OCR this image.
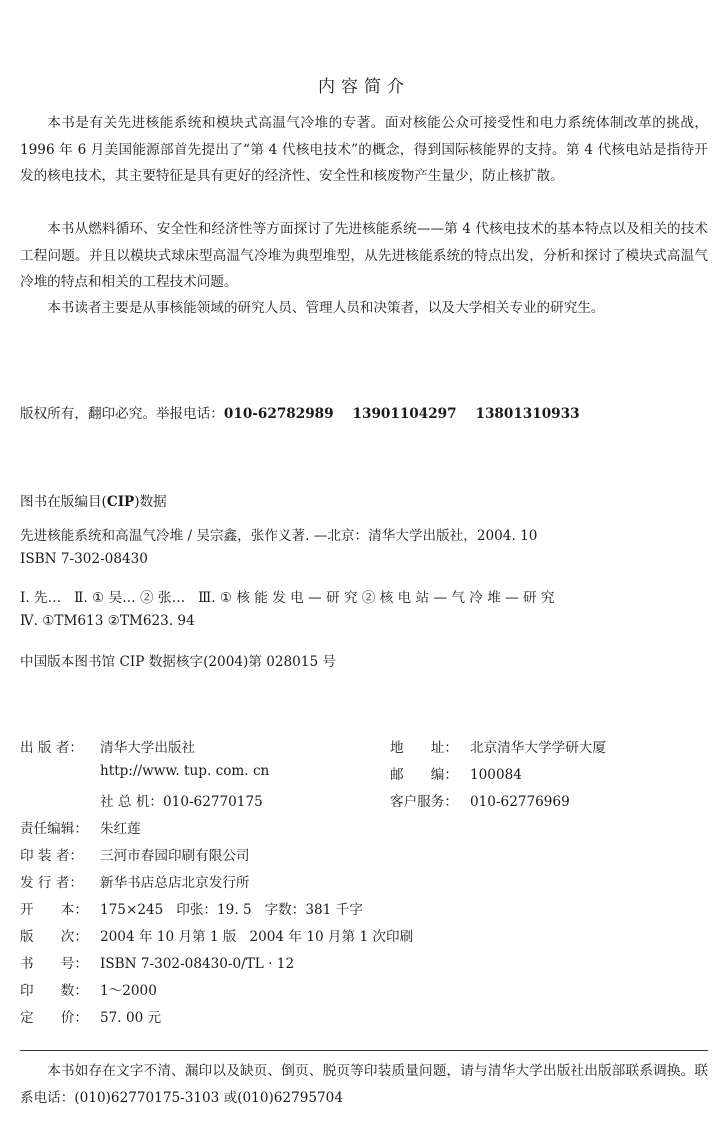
内容简介

本书是有关先进核能系统和模块式高温气冷堆的专著。面对核能公众可接受性和电力系统体制改革的挑战，1996 年 6 月美国能源部首先提出了“第 4 代核电技术”的概念，得到国际核能界的支持。第 4 代核电站是指待开发的核电技术，其主要特征是具有更好的经济性、安全性和核废物产生量少，防止核扩散。

本书从燃料循环、安全性和经济性等方面探讨了先进核能系统——第 4 代核电技术的基本特点以及相关的技术工程问题。并且以模块式球床型高温气冷堆为典型堆型，从先进核能系统的特点出发，分析和探讨了模块式高温气冷堆的特点和相关的工程技术问题。

本书读者主要是从事核能领域的研究人员、管理人员和决策者，以及大学相关专业的研究生。

版权所有，翻印必究。举报电话：010-62782989    13901104297    13801310933
图书在版编目(CIP)数据
先进核能系统和高温气冷堆 / 吴宗鑫，张作义著. —北京：清华大学出版社，2004. 10
ISBN 7-302-08430
Ⅰ. 先…   Ⅱ. ① 吴… ② 张…   Ⅲ. ① 核 能 发 电 — 研 究 ② 核 电 站 — 气 冷 堆 — 研 究
Ⅳ. ①TM613 ②TM623. 94
中国版本图书馆 CIP 数据核字(2004)第 028015 号
出 版 者： 清华大学出版社
http://www. tup. com. cn
社 总 机：010-62770175
地　　址： 北京清华大学学研大厦
邮　　编： 100084
客户服务： 010-62776969
责任编辑： 朱红莲
印 装 者： 三河市春园印刷有限公司
发 行 者： 新华书店总店北京发行所
开　　本： 175×245   印张：19. 5   字数：381 千字
版　　次： 2004 年 10 月第 1 版   2004 年 10 月第 1 次印刷
书　　号： ISBN 7-302-08430-0/TL · 12
印　　数： 1～2000
定　　价： 57. 00 元

本书如存在文字不清、漏印以及缺页、倒页、脱页等印装质量问题，请与清华大学出版社出版部联系调换。联系电话：(010)62770175-3103 或(010)62795704
